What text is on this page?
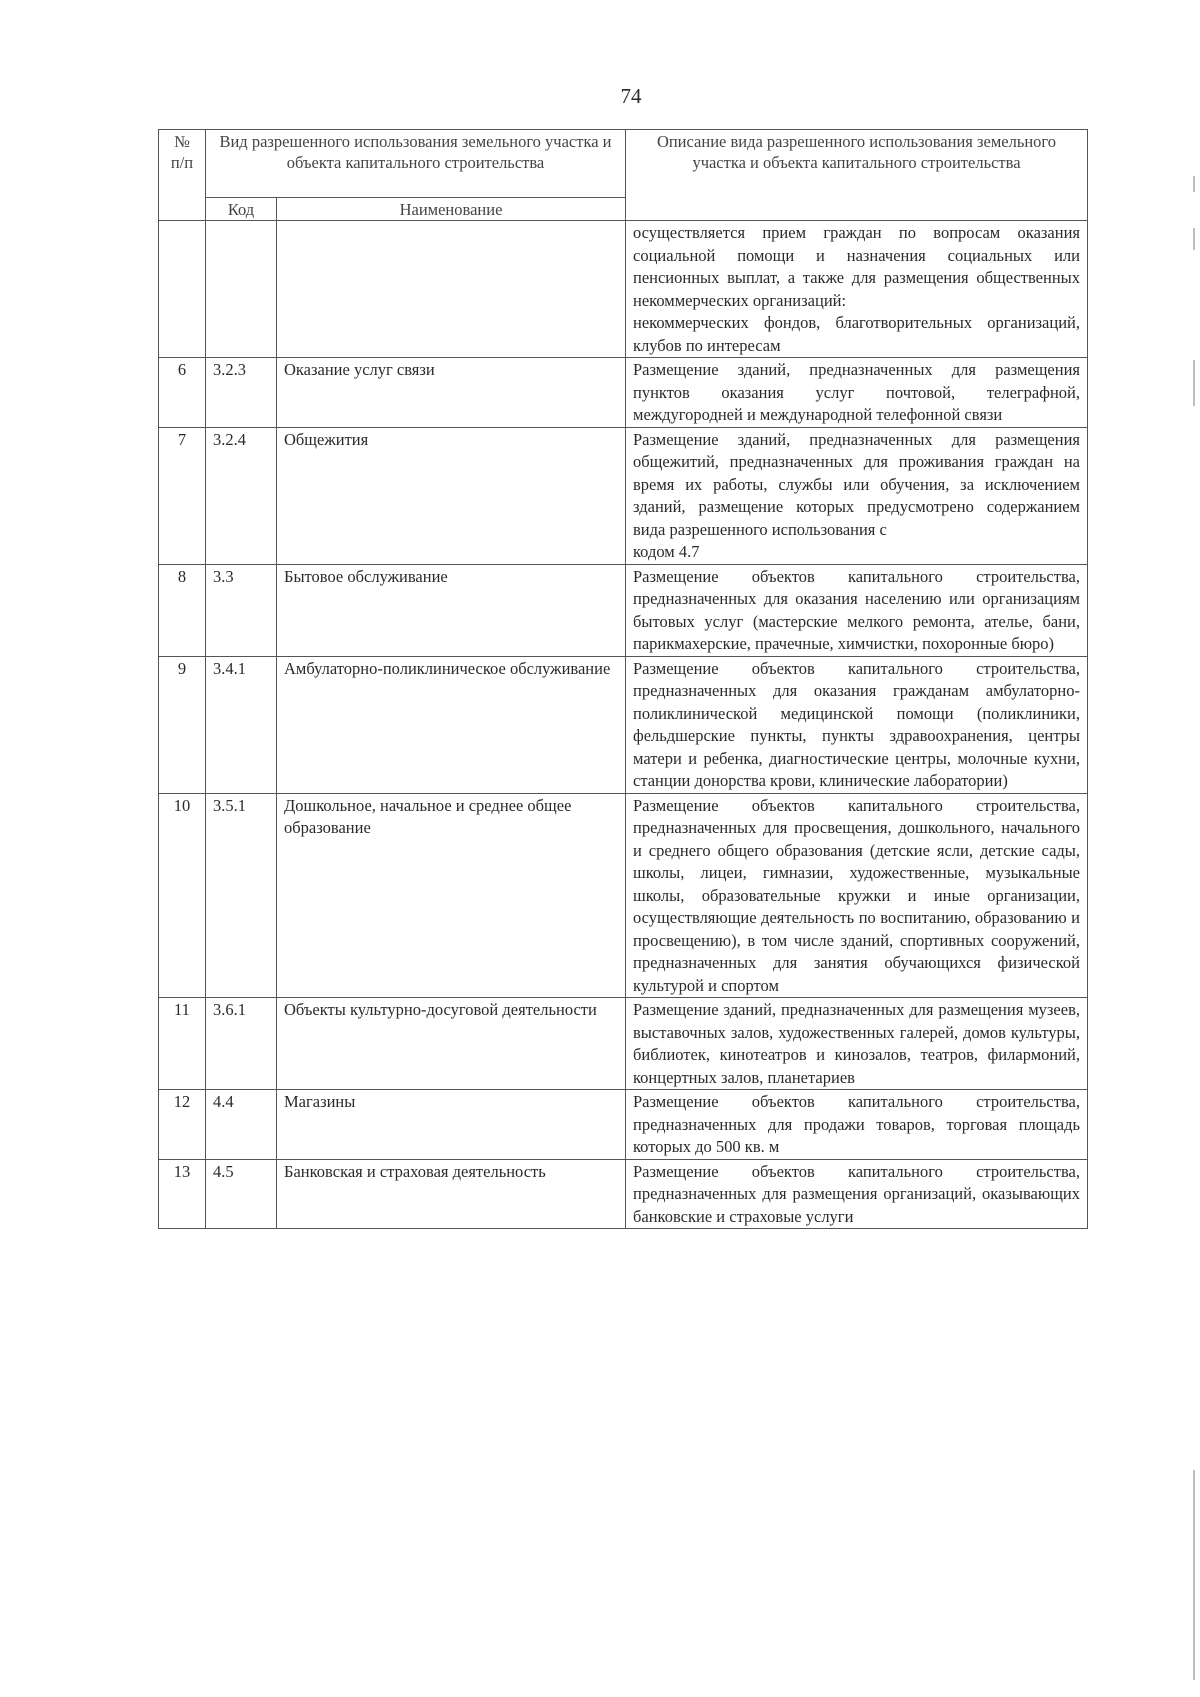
74
№ п/п	Вид разрешенного использования земельного участка и объекта капитального строительства		Описание вида разрешенного использования земельного участка и объекта капитального строительства
	Код	Наименование	

			осуществляется прием граждан по вопросам оказания социальной помощи и назначения социальных или пенсионных выплат, а также для размещения общественных некоммерческих организаций:
некоммерческих фондов, благотворительных организаций, клубов по интересам

6	3.2.3	Оказание услуг связи	Размещение зданий, предназначенных для размещения пунктов оказания услуг почтовой, телеграфной, междугородней и международной телефонной связи

7	3.2.4	Общежития	Размещение зданий, предназначенных для размещения общежитий, предназначенных для проживания граждан на время их работы, службы или обучения, за исключением зданий, размещение которых предусмотрено содержанием вида разрешенного использования с
кодом 4.7

8	3.3	Бытовое обслуживание	Размещение объектов капитального строительства, предназначенных для оказания населению или организациям бытовых услуг (мастерские мелкого ремонта, ателье, бани, парикмахерские, прачечные, химчистки, похоронные бюро)

9	3.4.1	Амбулаторно-поликлиническое обслуживание	Размещение объектов капитального строительства, предназначенных для оказания гражданам амбулаторно-поликлинической медицинской помощи (поликлиники, фельдшерские пункты, пункты здравоохранения, центры матери и ребенка, диагностические центры, молочные кухни, станции донорства крови, клинические лаборатории)

10	3.5.1	Дошкольное, начальное и среднее общее образование	Размещение объектов капитального строительства, предназначенных для просвещения, дошкольного, начального и среднего общего образования (детские ясли, детские сады, школы, лицеи, гимназии, художественные, музыкальные школы, образовательные кружки и иные организации, осуществляющие деятельность по воспитанию, образованию и просвещению), в том числе зданий, спортивных сооружений, предназначенных для занятия обучающихся физической культурой и спортом

11	3.6.1	Объекты культурно-досуговой деятельности	Размещение зданий, предназначенных для размещения музеев, выставочных залов, художественных галерей, домов культуры, библиотек, кинотеатров и кинозалов, театров, филармоний, концертных залов, планетариев

12	4.4	Магазины	Размещение объектов капитального строительства, предназначенных для продажи товаров, торговая площадь которых до 500 кв. м

13	4.5	Банковская и страховая деятельность	Размещение объектов капитального строительства, предназначенных для размещения организаций, оказывающих банковские и страховые услуги
